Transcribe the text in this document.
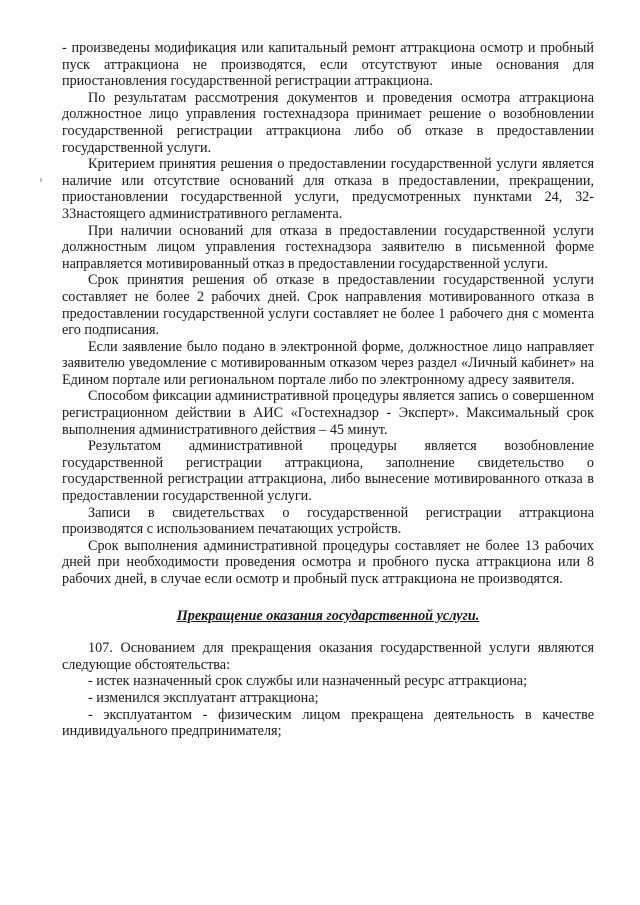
- произведены модификация или капитальный ремонт аттракциона осмотр и пробный пуск аттракциона не производятся, если отсутствуют иные основания для приостановления государственной регистрации аттракциона.

По результатам рассмотрения документов и проведения осмотра аттракциона должностное лицо управления гостехнадзора принимает решение о возобновлении государственной регистрации аттракциона либо об отказе в предоставлении государственной услуги.

Критерием принятия решения о предоставлении государственной услуги является наличие или отсутствие оснований для отказа в предоставлении, прекращении, приостановлении государственной услуги, предусмотренных пунктами 24, 32-33настоящего административного регламента.

При наличии оснований для отказа в предоставлении государственной услуги должностным лицом управления гостехнадзора заявителю в письменной форме направляется мотивированный отказ в предоставлении государственной услуги.

Срок принятия решения об отказе в предоставлении государственной услуги составляет не более 2 рабочих дней. Срок направления мотивированного отказа в предоставлении государственной услуги составляет не более 1 рабочего дня с момента его подписания.

Если заявление было подано в электронной форме, должностное лицо направляет заявителю уведомление с мотивированным отказом через раздел «Личный кабинет» на Едином портале или региональном портале либо по электронному адресу заявителя.

Способом фиксации административной процедуры является запись о совершенном регистрационном действии в АИС «Гостехнадзор - Эксперт». Максимальный срок выполнения административного действия – 45 минут.

Результатом административной процедуры является возобновление государственной регистрации аттракциона, заполнение свидетельство о государственной регистрации аттракциона, либо вынесение мотивированного отказа в предоставлении государственной услуги.

Записи в свидетельствах о государственной регистрации аттракциона производятся с использованием печатающих устройств.

Срок выполнения административной процедуры составляет не более 13 рабочих дней при необходимости проведения осмотра и пробного пуска аттракциона или 8 рабочих дней, в случае если осмотр и пробный пуск аттракциона не производятся.

Прекращение оказания государственной услуги.

107. Основанием для прекращения оказания государственной услуги являются следующие обстоятельства:

- истек назначенный срок службы или назначенный ресурс аттракциона;

- изменился эксплуатант аттракциона;

- эксплуатантом - физическим лицом прекращена деятельность в качестве индивидуального предпринимателя;
